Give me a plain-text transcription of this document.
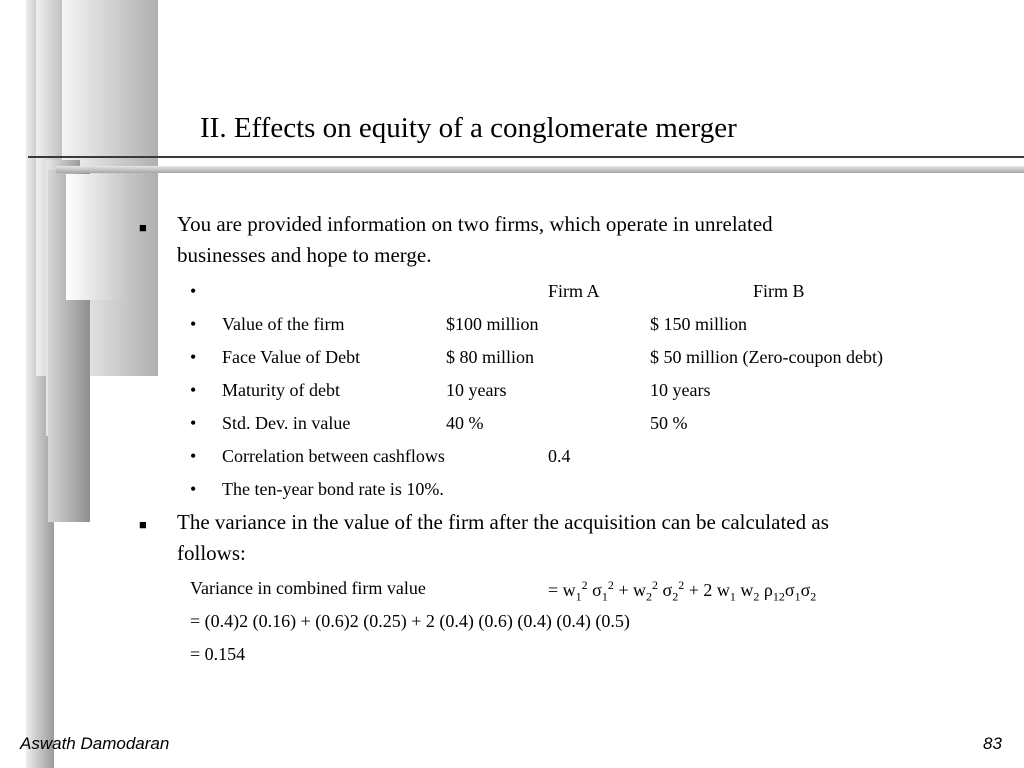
II. Effects on equity of a conglomerate merger
■ You are provided information on two firms, which operate in unrelated
businesses and hope to merge.
•	Firm A	Firm B
• Value of the firm	$100 million	$ 150 million
• Face Value of Debt	$ 80 million	$ 50 million (Zero-coupon debt)
• Maturity of debt	10 years	10 years
• Std. Dev. in value	40 %	50 %
• Correlation between cashflows	0.4
• The ten-year bond rate is 10%.
■ The variance in the value of the firm after the acquisition can be calculated as
follows:
Variance in combined firm value	= $w_1^2$ $\sigma_1^2 + w_2^2$ $\sigma_2^2 + 2$ $w_1$ $w_2$ $\rho_{12}\sigma_1\sigma_2$
= (0.4)2 (0.16) + (0.6)2 (0.25) + 2 (0.4) (0.6) (0.4) (0.4) (0.5)
= 0.154
Aswath Damodaran	83
